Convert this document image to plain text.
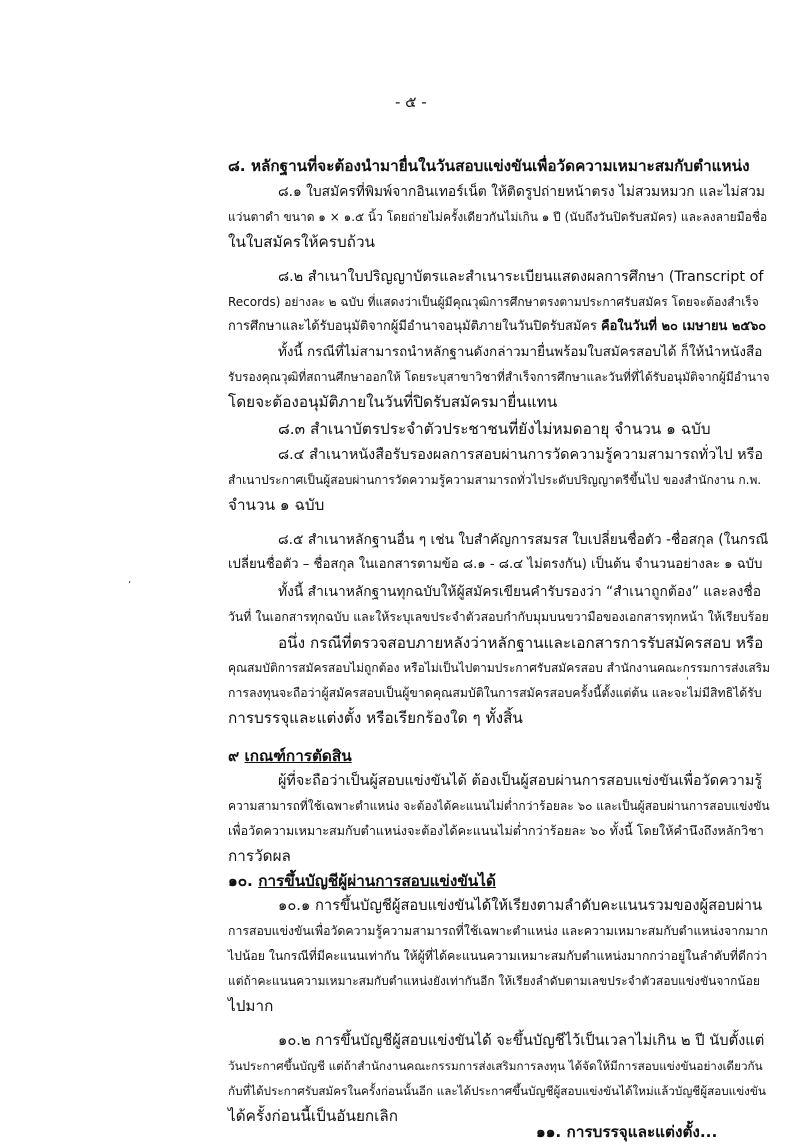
- ๕ -
๘. หลักฐานที่จะต้องนำมายื่นในวันสอบแข่งขันเพื่อวัดความเหมาะสมกับตำแหน่ง
๘.๑ ใบสมัครที่พิมพ์จากอินเทอร์เน็ต ให้ติดรูปถ่ายหน้าตรง ไม่สวมหมวก และไม่สวม
แว่นตาดำ ขนาด ๑ × ๑.๕ นิ้ว โดยถ่ายไม่ครั้งเดียวกันไม่เกิน ๑ ปี (นับถึงวันปิดรับสมัคร) และลงลายมือชื่อ
ในใบสมัครให้ครบถ้วน
๘.๒ สำเนาใบปริญญาบัตรและสำเนาระเบียนแสดงผลการศึกษา (Transcript of
Records) อย่างละ ๒ ฉบับ ที่แสดงว่าเป็นผู้มีคุณวุฒิการศึกษาตรงตามประกาศรับสมัคร โดยจะต้องสำเร็จ
การศึกษาและได้รับอนุมัติจากผู้มีอำนาจอนุมัติภายในวันปิดรับสมัคร คือในวันที่ ๒๐ เมษายน ๒๕๖๐
ทั้งนี้ กรณีที่ไม่สามารถนำหลักฐานดังกล่าวมายื่นพร้อมใบสมัครสอบได้ ก็ให้นำหนังสือ
รับรองคุณวุฒิที่สถานศึกษาออกให้ โดยระบุสาขาวิชาที่สำเร็จการศึกษาและวันที่ที่ได้รับอนุมัติจากผู้มีอำนาจ
โดยจะต้องอนุมัติภายในวันที่ปิดรับสมัครมายื่นแทน
๘.๓ สำเนาบัตรประจำตัวประชาชนที่ยังไม่หมดอายุ จำนวน ๑ ฉบับ
๘.๔ สำเนาหนังสือรับรองผลการสอบผ่านการวัดความรู้ความสามารถทั่วไป หรือ
สำเนาประกาศเป็นผู้สอบผ่านการวัดความรู้ความสามารถทั่วไประดับปริญญาตรีขึ้นไป ของสำนักงาน ก.พ.
จำนวน ๑ ฉบับ
๘.๕ สำเนาหลักฐานอื่น ๆ เช่น ใบสำคัญการสมรส ใบเปลี่ยนชื่อตัว -ชื่อสกุล (ในกรณี
เปลี่ยนชื่อตัว – ชื่อสกุล ในเอกสารตามข้อ ๘.๑ - ๘.๔ ไม่ตรงกัน) เป็นต้น จำนวนอย่างละ ๑ ฉบับ
’	ทั้งนี้ สำเนาหลักฐานทุกฉบับให้ผู้สมัครเขียนคำรับรองว่า “สำเนาถูกต้อง” และลงชื่อ
วันที่ ในเอกสารทุกฉบับ และให้ระบุเลขประจำตัวสอบกำกับมุมบนขวามือของเอกสารทุกหน้า ให้เรียบร้อย
อนึ่ง กรณีที่ตรวจสอบภายหลังว่าหลักฐานและเอกสารการรับสมัครสอบ หรือ
คุณสมบัติการสมัครสอบไม่ถูกต้อง หรือไม่เป็นไปตามประกาศรับสมัครสอบ สำนักงานคณะกรรมการส่งเสริม
การลงทุนจะถือว่าผู้สมัครสอบเป็นผู้ขาดคุณสมบัติในการสมัครสอบครั้งนี้ตั้งแต่ต้น และจะไม่มีสิทธิได้รับ
การบรรจุและแต่งตั้ง หรือเรียกร้องใด ๆ ทั้งสิ้น
'
๙ เกณฑ์การตัดสิน
ผู้ที่จะถือว่าเป็นผู้สอบแข่งขันได้ ต้องเป็นผู้สอบผ่านการสอบแข่งขันเพื่อวัดความรู้
ความสามารถที่ใช้เฉพาะตำแหน่ง จะต้องได้คะแนนไม่ต่ำกว่าร้อยละ ๖๐ และเป็นผู้สอบผ่านการสอบแข่งขัน
เพื่อวัดความเหมาะสมกับตำแหน่งจะต้องได้คะแนนไม่ต่ำกว่าร้อยละ ๖๐ ทั้งนี้ โดยให้คำนึงถึงหลักวิชา
การวัดผล
๑๐. การขึ้นบัญชีผู้ผ่านการสอบแข่งขันได้
๑๐.๑ การขึ้นบัญชีผู้สอบแข่งขันได้ให้เรียงตามลำดับคะแนนรวมของผู้สอบผ่าน
การสอบแข่งขันเพื่อวัดความรู้ความสามารถที่ใช้เฉพาะตำแหน่ง และความเหมาะสมกับตำแหน่งจากมาก
ไปน้อย ในกรณีที่มีคะแนนเท่ากัน ให้ผู้ที่ได้คะแนนความเหมาะสมกับตำแหน่งมากกว่าอยู่ในลำดับที่ดีกว่า
แต่ถ้าคะแนนความเหมาะสมกับตำแหน่งยังเท่ากันอีก ให้เรียงลำดับตามเลขประจำตัวสอบแข่งขันจากน้อย
ไปมาก
๑๐.๒ การขึ้นบัญชีผู้สอบแข่งขันได้ จะขึ้นบัญชีไว้เป็นเวลาไม่เกิน ๒ ปี นับตั้งแต่
วันประกาศขึ้นบัญชี แต่ถ้าสำนักงานคณะกรรมการส่งเสริมการลงทุน ได้จัดให้มีการสอบแข่งขันอย่างเดียวกัน
กับที่ได้ประกาศรับสมัครในครั้งก่อนนั้นอีก และได้ประกาศขึ้นบัญชีผู้สอบแข่งขันได้ใหม่แล้วบัญชีผู้สอบแข่งขัน
ได้ครั้งก่อนนี้เป็นอันยกเลิก
๑๑. การบรรจุและแต่งตั้ง...
